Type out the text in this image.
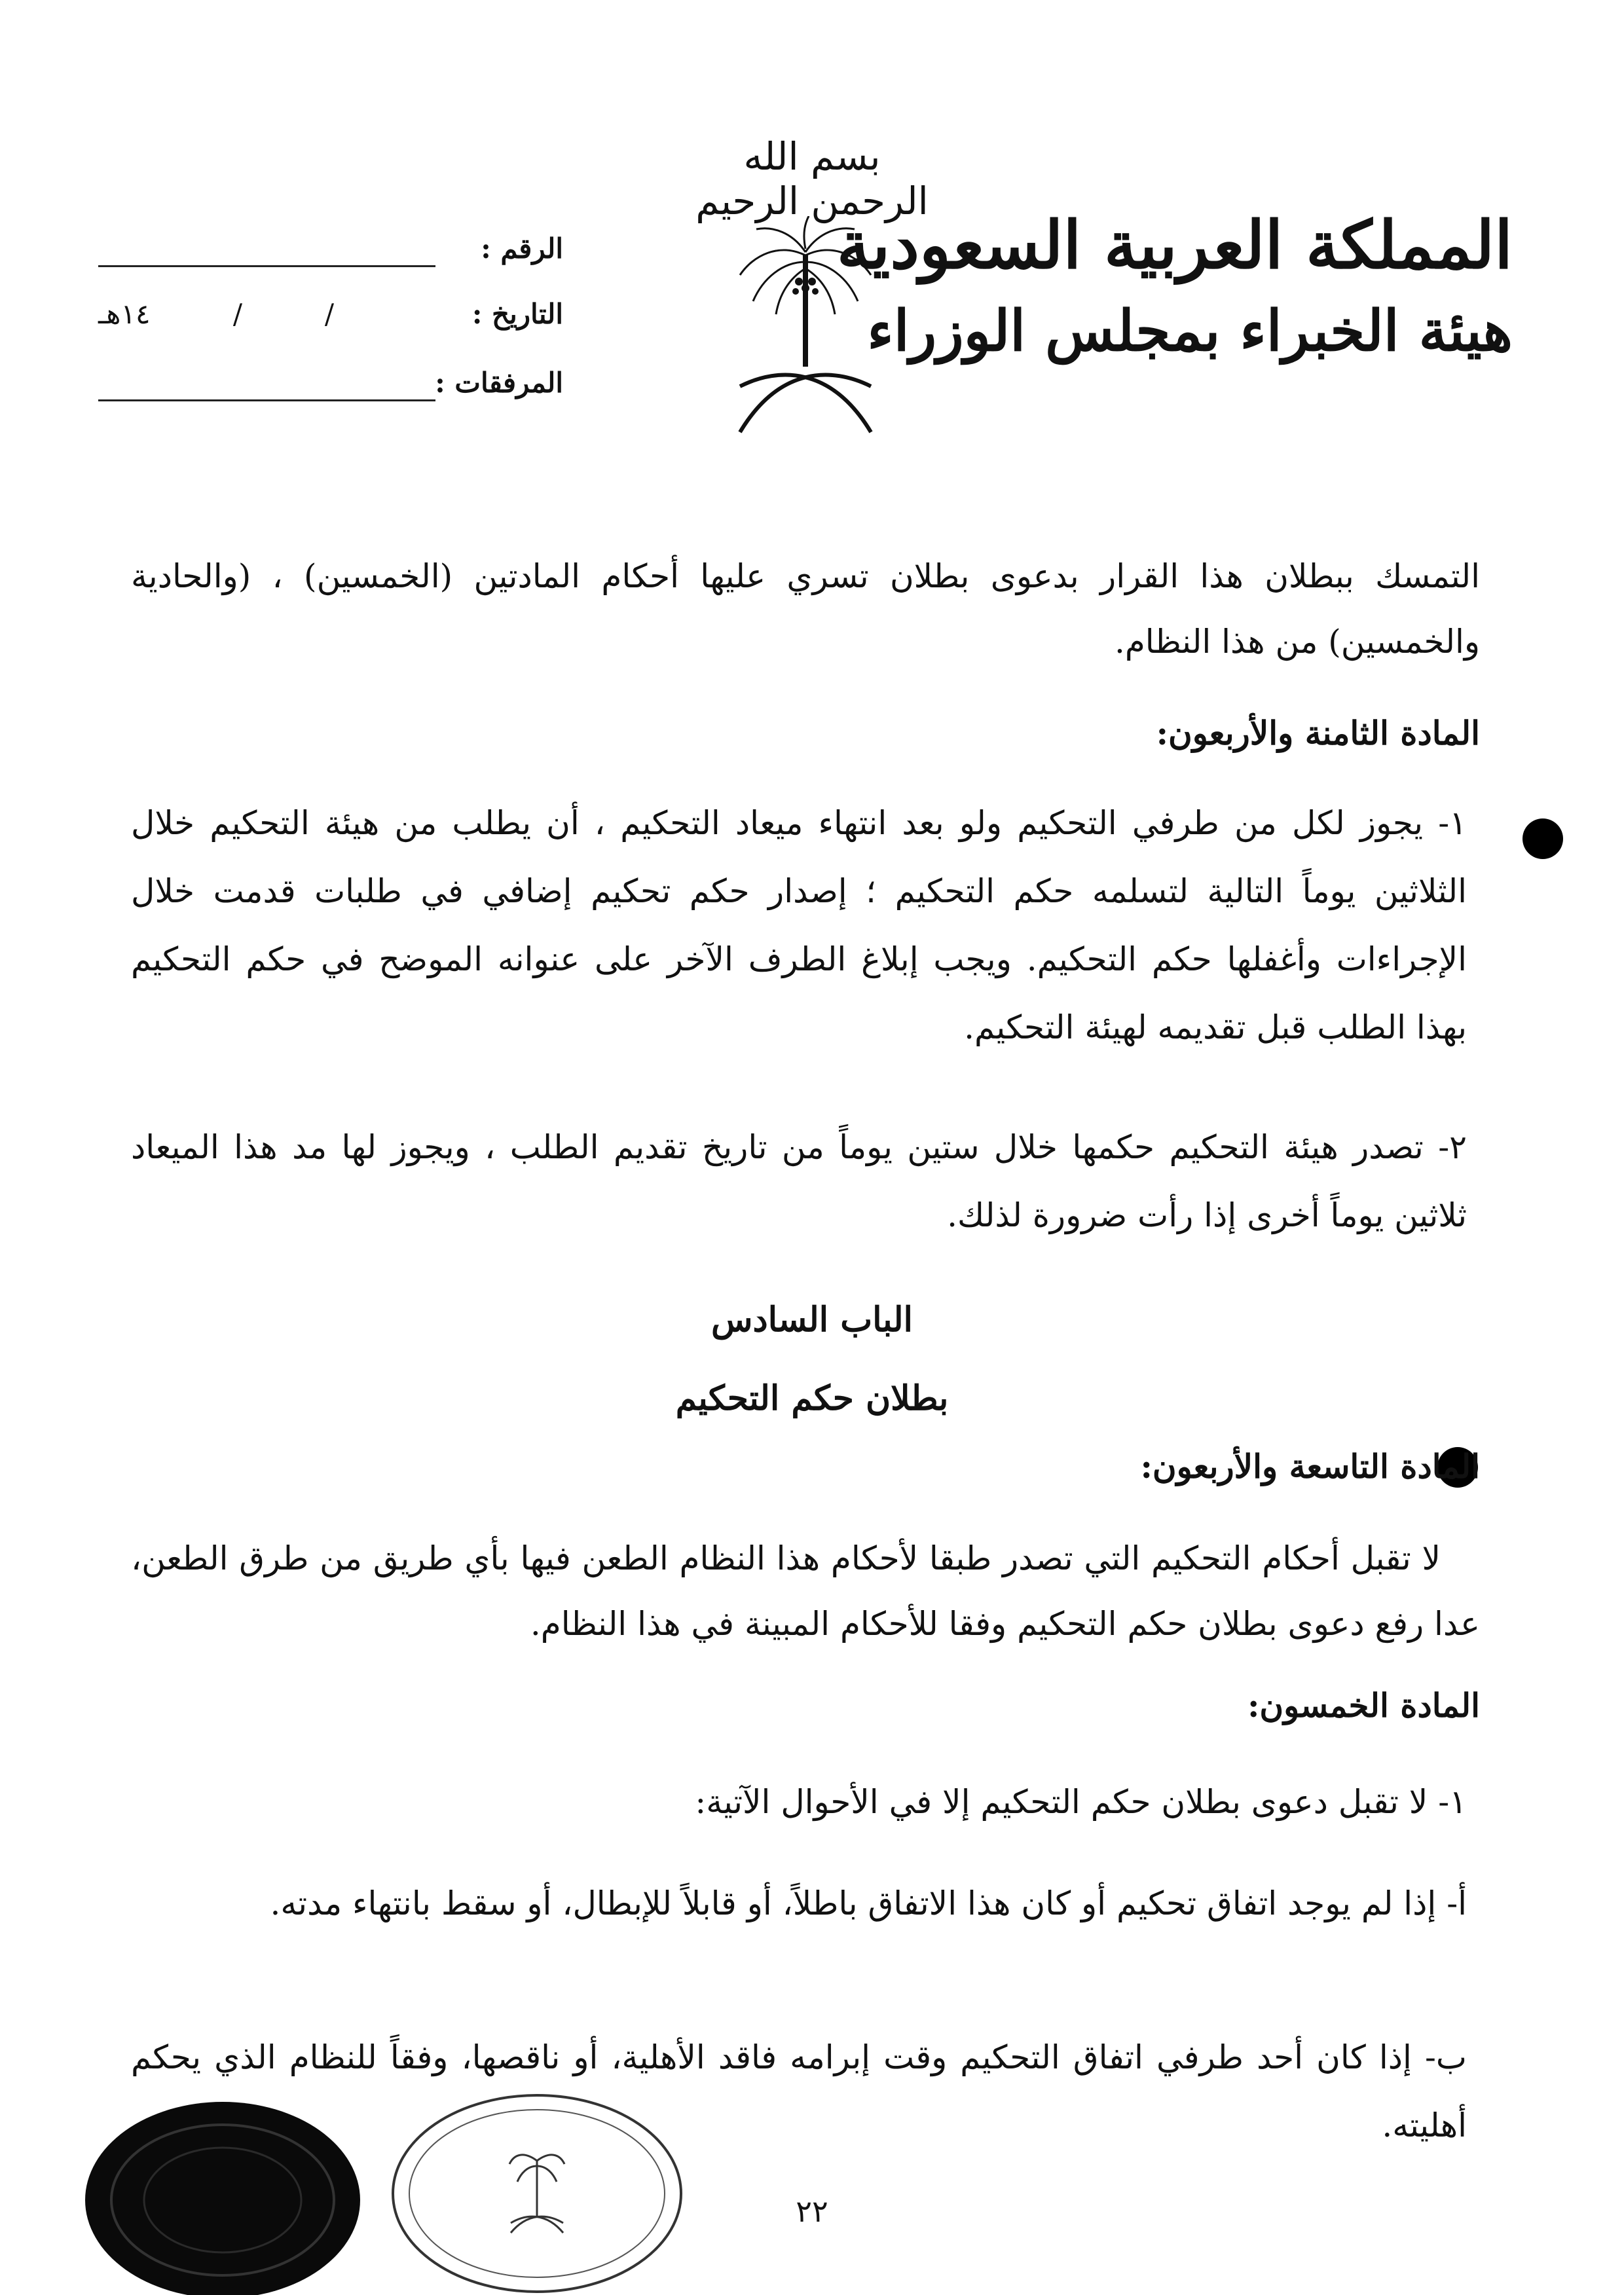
بسم الله الرحمن الرحيم
المملكة العربية السعودية
هيئة الخبراء بمجلس الوزراء
الرقم :
التاريخ :
/
/
١٤هـ
المرفقات :
التمسك ببطلان هذا القرار بدعوى بطلان تسري عليها أحكام المادتين (الخمسين) ، (والحادية والخمسين) من هذا النظام.
المادة الثامنة والأربعون:
١- يجوز لكل من طرفي التحكيم ولو بعد انتهاء ميعاد التحكيم ، أن يطلب من هيئة التحكيم خلال الثلاثين يوماً التالية لتسلمه حكم التحكيم ؛ إصدار حكم تحكيم إضافي في طلبات قدمت خلال الإجراءات وأغفلها حكم التحكيم. ويجب إبلاغ الطرف الآخر على عنوانه الموضح في حكم التحكيم بهذا الطلب قبل تقديمه لهيئة التحكيم.
٢- تصدر هيئة التحكيم حكمها خلال ستين يوماً من تاريخ تقديم الطلب ، ويجوز لها مد هذا الميعاد ثلاثين يوماً أخرى إذا رأت ضرورة لذلك.
الباب السادس
بطلان حكم التحكيم
المادة التاسعة والأربعون:
لا تقبل أحكام التحكيم التي تصدر طبقا لأحكام هذا النظام الطعن فيها بأي طريق من طرق الطعن، عدا رفع دعوى بطلان حكم التحكيم وفقا للأحكام المبينة في هذا النظام.
المادة الخمسون:
١- لا تقبل دعوى بطلان حكم التحكيم إلا في الأحوال الآتية:
أ- إذا لم يوجد اتفاق تحكيم أو كان هذا الاتفاق باطلاً، أو قابلاً للإبطال، أو سقط بانتهاء مدته.
ب- إذا كان أحد طرفي اتفاق التحكيم وقت إبرامه فاقد الأهلية، أو ناقصها، وفقاً للنظام الذي يحكم أهليته.
٢٢
